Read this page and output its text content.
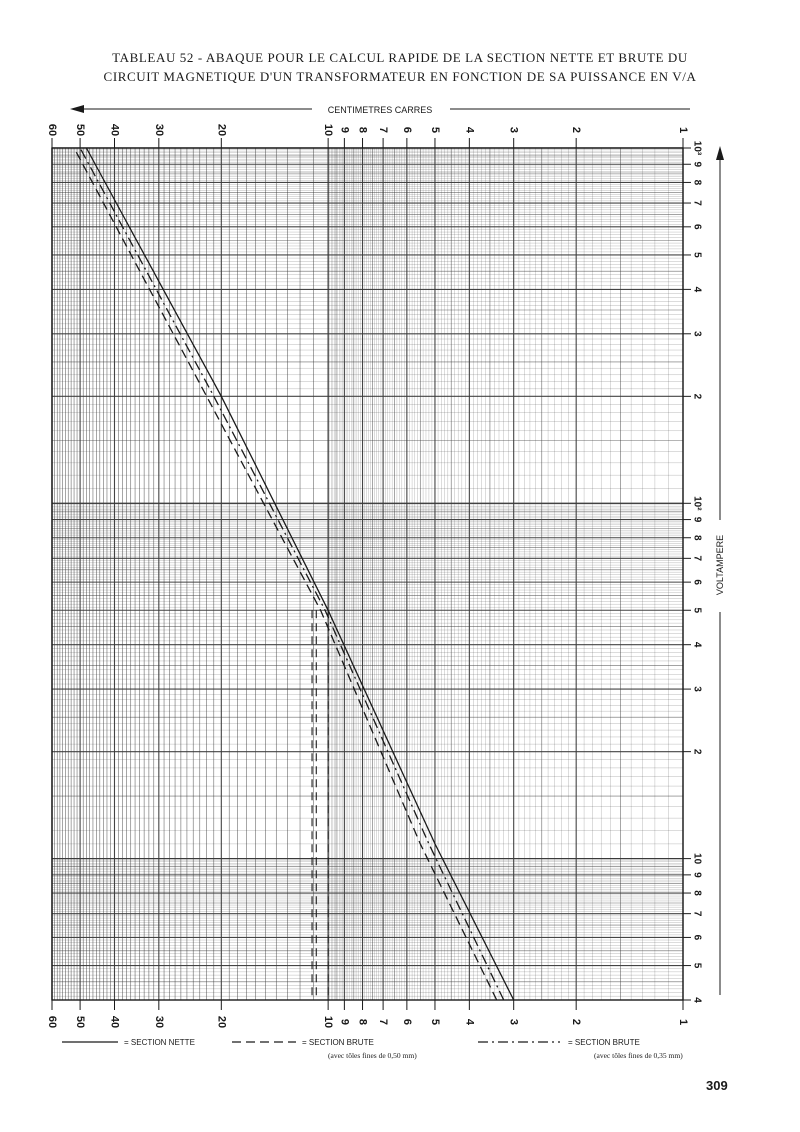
TABLEAU 52 - ABAQUE POUR LE CALCUL RAPIDE DE LA SECTION NETTE ET BRUTE DU
CIRCUIT MAGNETIQUE D'UN TRANSFORMATEUR EN FONCTION DE SA PUISSANCE EN V/A
60
60
50
50
40
40
30
30
20
20
10
10
9
9
8
8
7
7
6
6
5
5
4
4
3
3
2
2
1
1
10³
9
8
7
6
5
4
3
2
10²
9
8
7
6
5
4
3
2
10
9
8
7
6
5
4
CENTIMETRES CARRES
VOLTAMPERE
= SECTION NETTE	= SECTION BRUTE
(avec tôles fines de 0,50 mm)
= SECTION BRUTE
(avec tôles fines de 0,35 mm)
309
